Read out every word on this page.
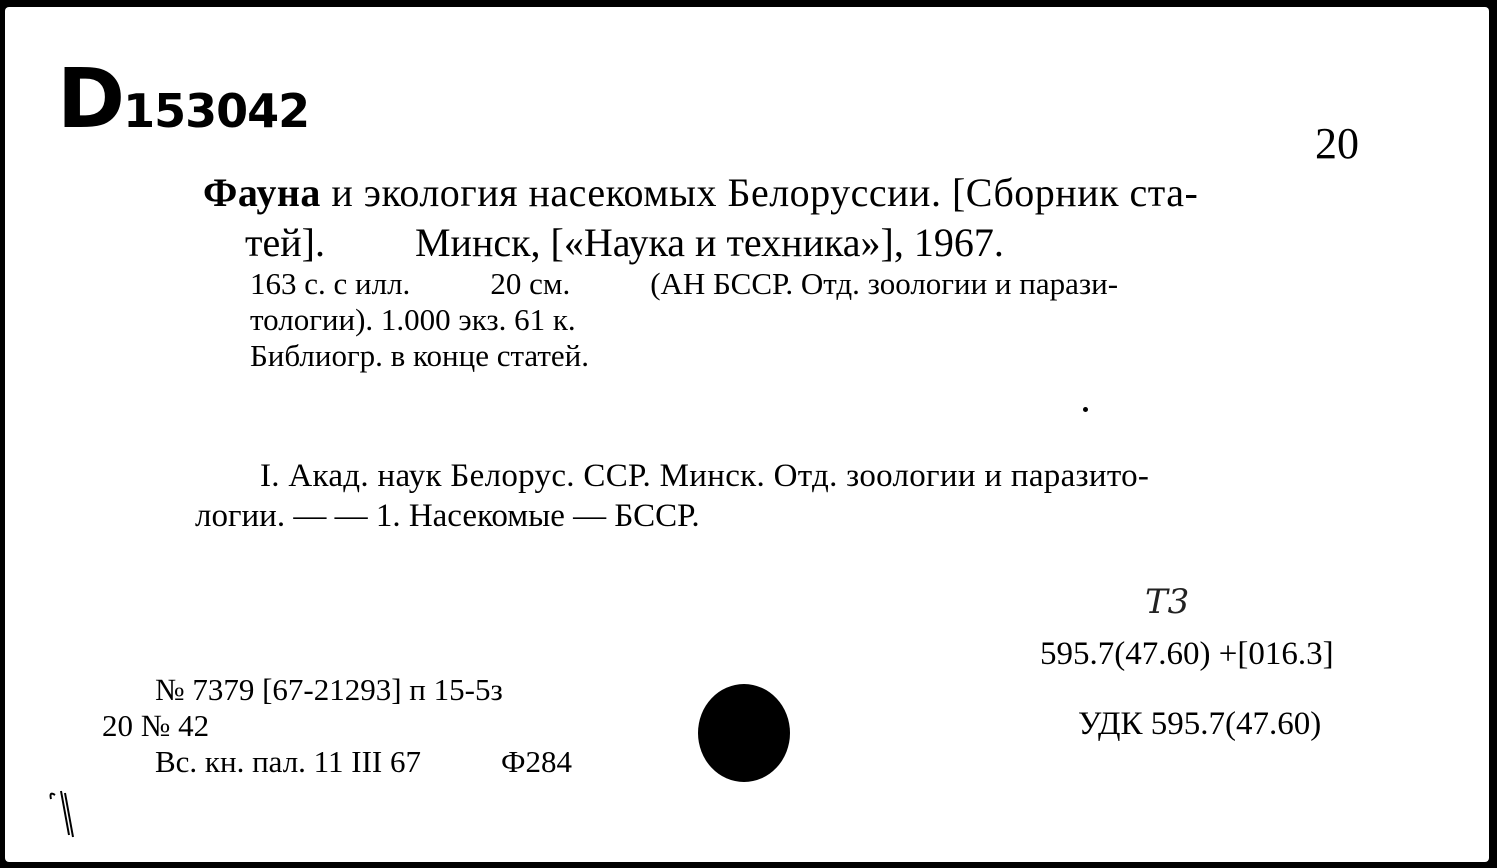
D153042
20
Фауна и экология насекомых Белоруссии. [Сборник ста-
тей]. Минск, [«Наука и техника»], 1967.
163 с. с илл.	20 см.	(АН БССР. Отд. зоологии и парази-
тологии). 1.000 экз. 61 к.
Библиогр. в конце статей.
I. Акад. наук Белорус. ССР. Минск. Отд. зоологии и паразито-
логии. — — 1. Насекомые — БССР.
Т3
595.7(47.60) +[016.3]
УДК 595.7(47.60)
№ 7379 [67-21293] п 15-5з
20 № 42
Вс. кн. пал. 11 III 67	Ф284
